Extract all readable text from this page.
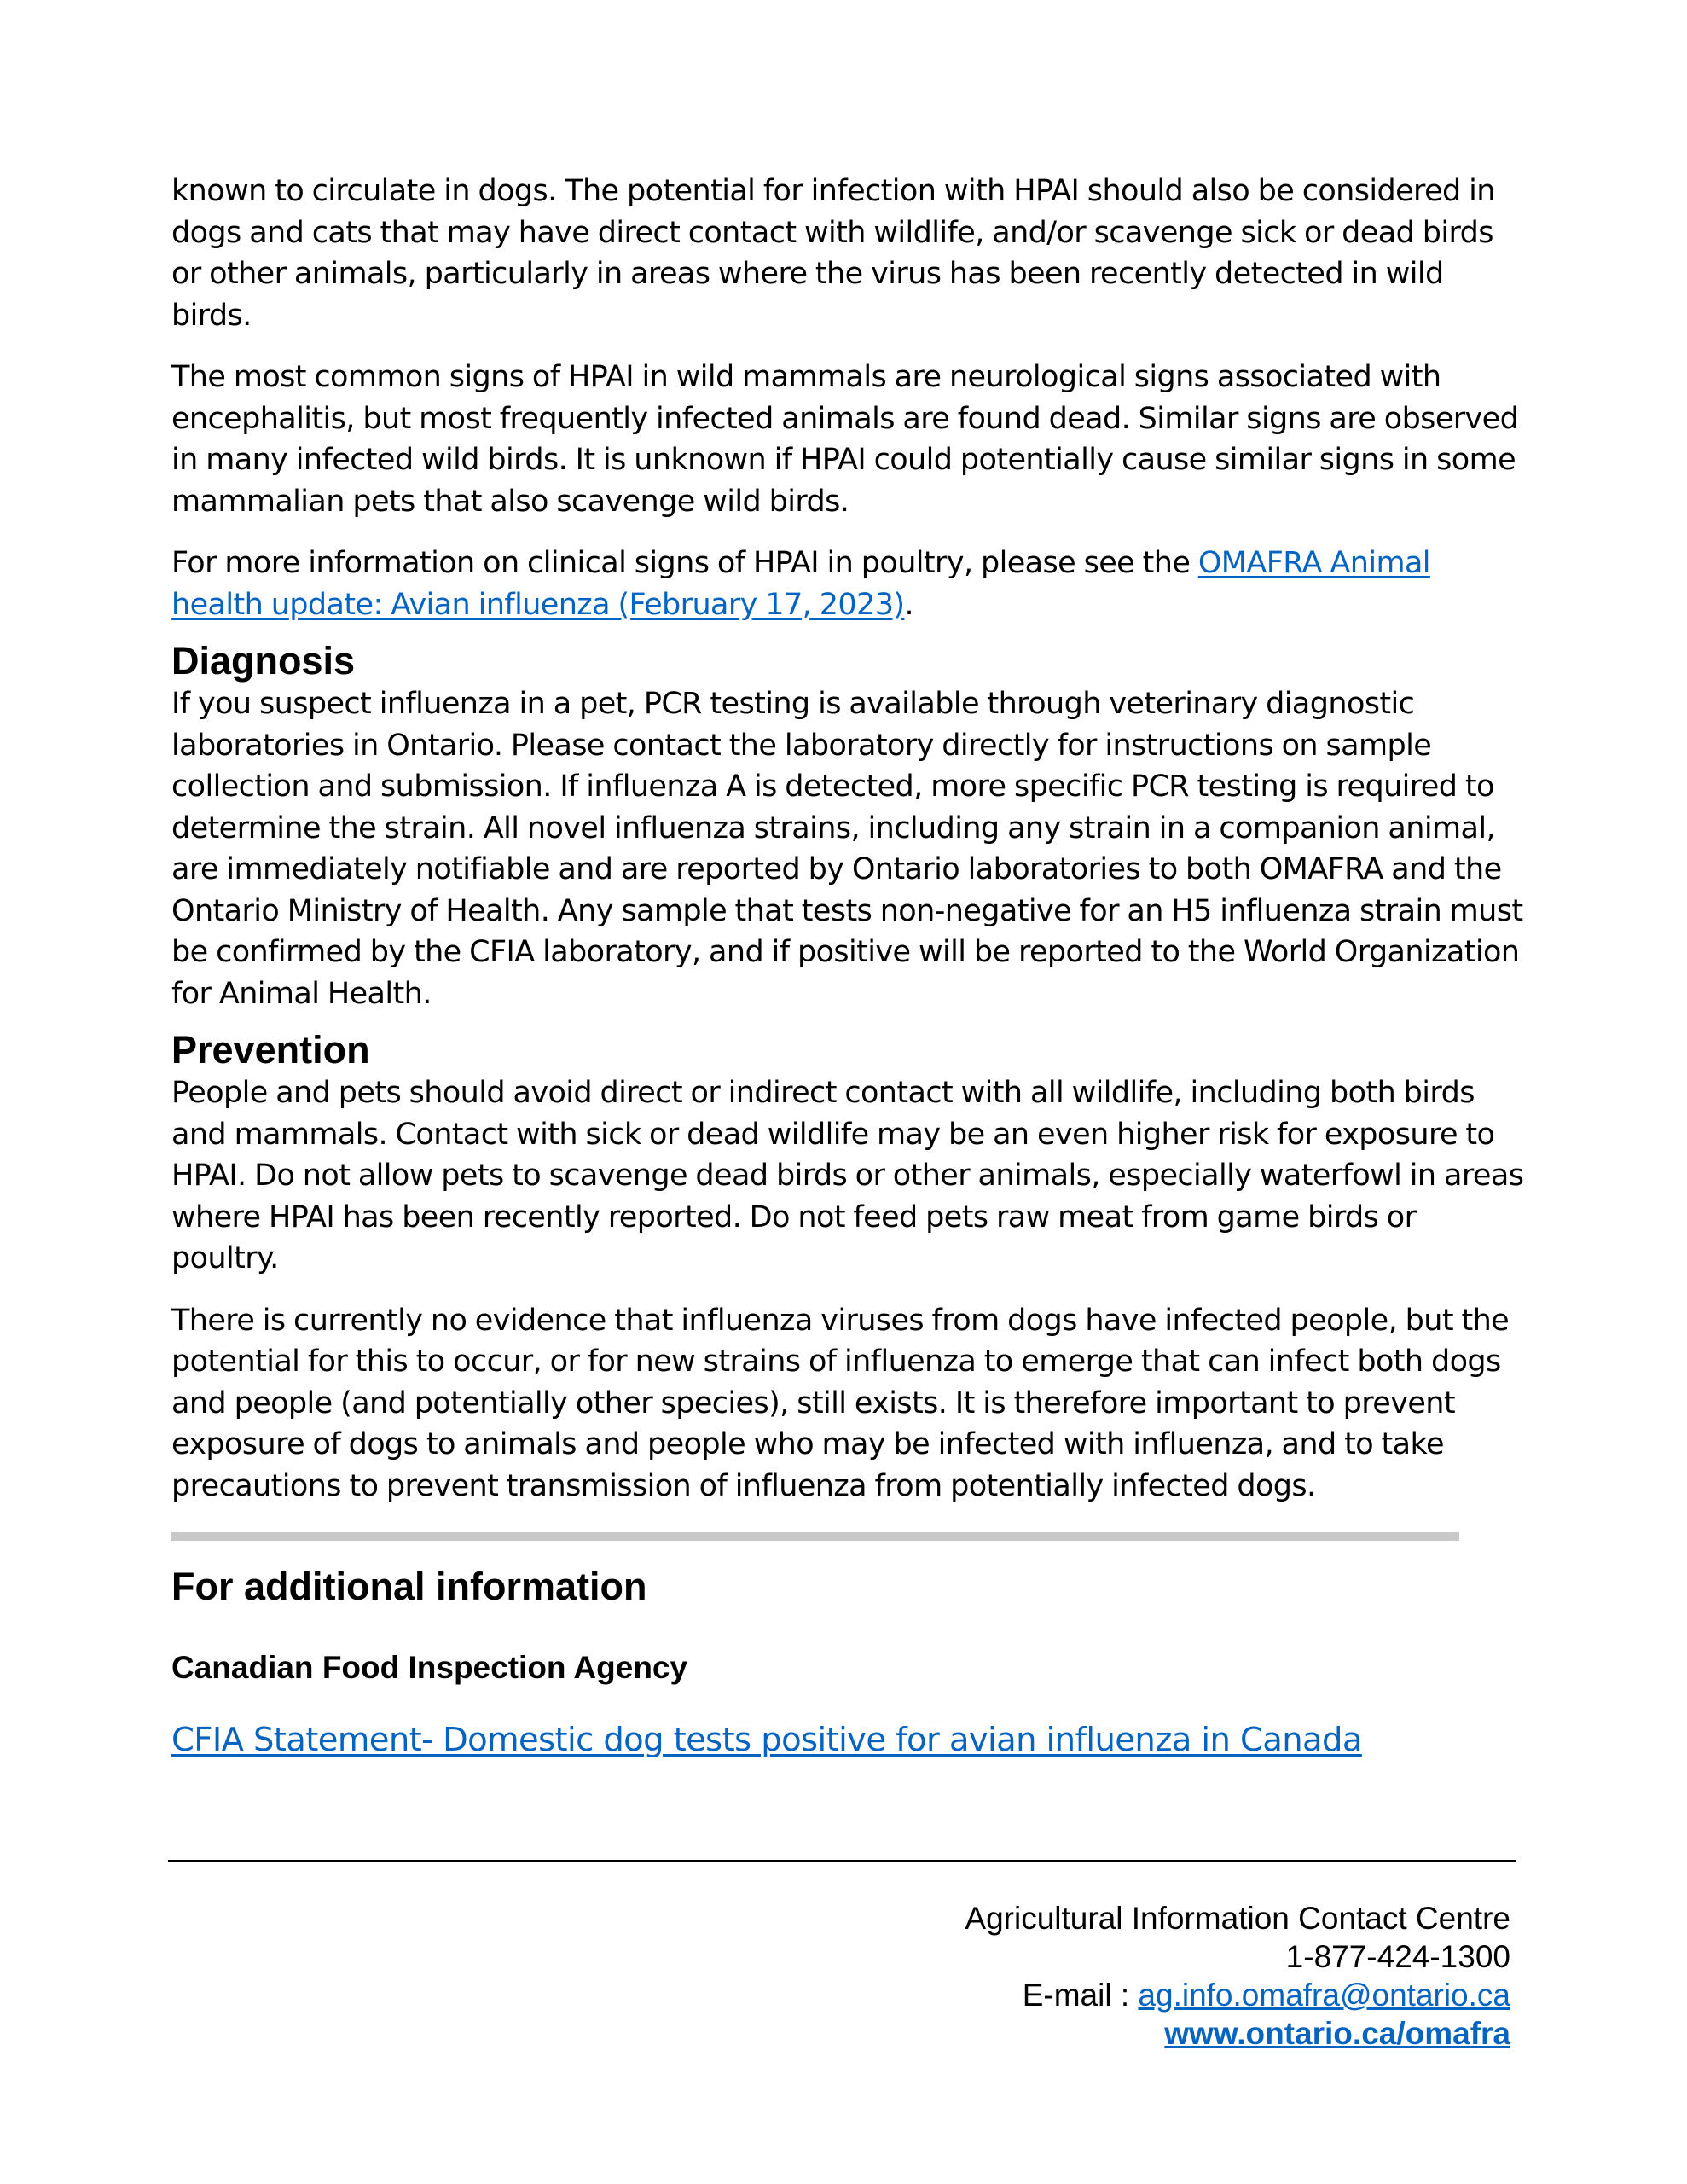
known to circulate in dogs. The potential for infection with HPAI should also be considered in dogs and cats that may have direct contact with wildlife, and/or scavenge sick or dead birds or other animals, particularly in areas where the virus has been recently detected in wild birds.

The most common signs of HPAI in wild mammals are neurological signs associated with encephalitis, but most frequently infected animals are found dead. Similar signs are observed in many infected wild birds. It is unknown if HPAI could potentially cause similar signs in some mammalian pets that also scavenge wild birds.

For more information on clinical signs of HPAI in poultry, please see the OMAFRA Animal health update: Avian influenza (February 17, 2023).

Diagnosis

If you suspect influenza in a pet, PCR testing is available through veterinary diagnostic laboratories in Ontario. Please contact the laboratory directly for instructions on sample collection and submission. If influenza A is detected, more specific PCR testing is required to determine the strain. All novel influenza strains, including any strain in a companion animal, are immediately notifiable and are reported by Ontario laboratories to both OMAFRA and the Ontario Ministry of Health. Any sample that tests non-negative for an H5 influenza strain must be confirmed by the CFIA laboratory, and if positive will be reported to the World Organization for Animal Health.

Prevention

People and pets should avoid direct or indirect contact with all wildlife, including both birds and mammals. Contact with sick or dead wildlife may be an even higher risk for exposure to HPAI. Do not allow pets to scavenge dead birds or other animals, especially waterfowl in areas where HPAI has been recently reported. Do not feed pets raw meat from game birds or poultry.

There is currently no evidence that influenza viruses from dogs have infected people, but the potential for this to occur, or for new strains of influenza to emerge that can infect both dogs and people (and potentially other species), still exists. It is therefore important to prevent exposure of dogs to animals and people who may be infected with influenza, and to take precautions to prevent transmission of influenza from potentially infected dogs.

For additional information
Canadian Food Inspection Agency
CFIA Statement- Domestic dog tests positive for avian influenza in Canada
Agricultural Information Contact Centre
1-877-424-1300
E-mail : ag.info.omafra@ontario.ca
www.ontario.ca/omafra
